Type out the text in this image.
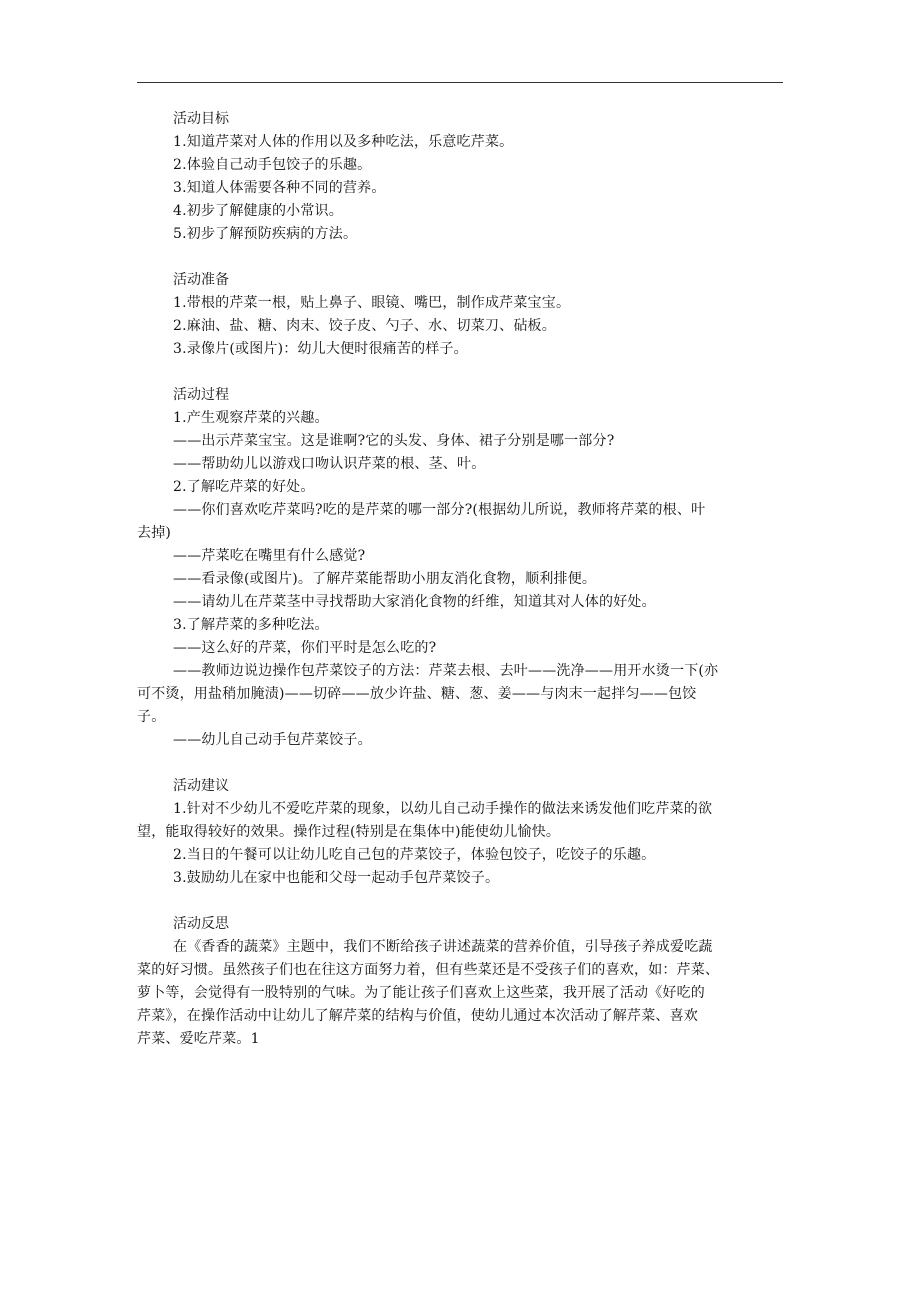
活动目标

1.知道芹菜对人体的作用以及多种吃法，乐意吃芹菜。

2.体验自己动手包饺子的乐趣。

3.知道人体需要各种不同的营养。

4.初步了解健康的小常识。

5.初步了解预防疾病的方法。

活动准备

1.带根的芹菜一根，贴上鼻子、眼镜、嘴巴，制作成芹菜宝宝。

2.麻油、盐、糖、肉末、饺子皮、勺子、水、切菜刀、砧板。

3.录像片(或图片)：幼儿大便时很痛苦的样子。

活动过程

1.产生观察芹菜的兴趣。

——出示芹菜宝宝。这是谁啊?它的头发、身体、裙子分别是哪一部分?

——帮助幼儿以游戏口吻认识芹菜的根、茎、叶。

2.了解吃芹菜的好处。

——你们喜欢吃芹菜吗?吃的是芹菜的哪一部分?(根据幼儿所说，教师将芹菜的根、叶

去掉)

——芹菜吃在嘴里有什么感觉?

——看录像(或图片)。了解芹菜能帮助小朋友消化食物，顺利排便。

——请幼儿在芹菜茎中寻找帮助大家消化食物的纤维，知道其对人体的好处。

3.了解芹菜的多种吃法。

——这么好的芹菜，你们平时是怎么吃的?

——教师边说边操作包芹菜饺子的方法：芹菜去根、去叶——洗净——用开水烫一下(亦

可不烫，用盐稍加腌渍)——切碎——放少许盐、糖、葱、姜——与肉末一起拌匀——包饺

子。

——幼儿自己动手包芹菜饺子。

活动建议

1.针对不少幼儿不爱吃芹菜的现象，以幼儿自己动手操作的做法来诱发他们吃芹菜的欲

望，能取得较好的效果。操作过程(特别是在集体中)能使幼儿愉快。

2.当日的午餐可以让幼儿吃自己包的芹菜饺子，体验包饺子，吃饺子的乐趣。

3.鼓励幼儿在家中也能和父母一起动手包芹菜饺子。

活动反思

在《香香的蔬菜》主题中，我们不断给孩子讲述蔬菜的营养价值，引导孩子养成爱吃蔬

菜的好习惯。虽然孩子们也在往这方面努力着，但有些菜还是不受孩子们的喜欢，如：芹菜、

萝卜等，会觉得有一股特别的气味。为了能让孩子们喜欢上这些菜，我开展了活动《好吃的

芹菜》，在操作活动中让幼儿了解芹菜的结构与价值，使幼儿通过本次活动了解芹菜、喜欢

芹菜、爱吃芹菜。1
